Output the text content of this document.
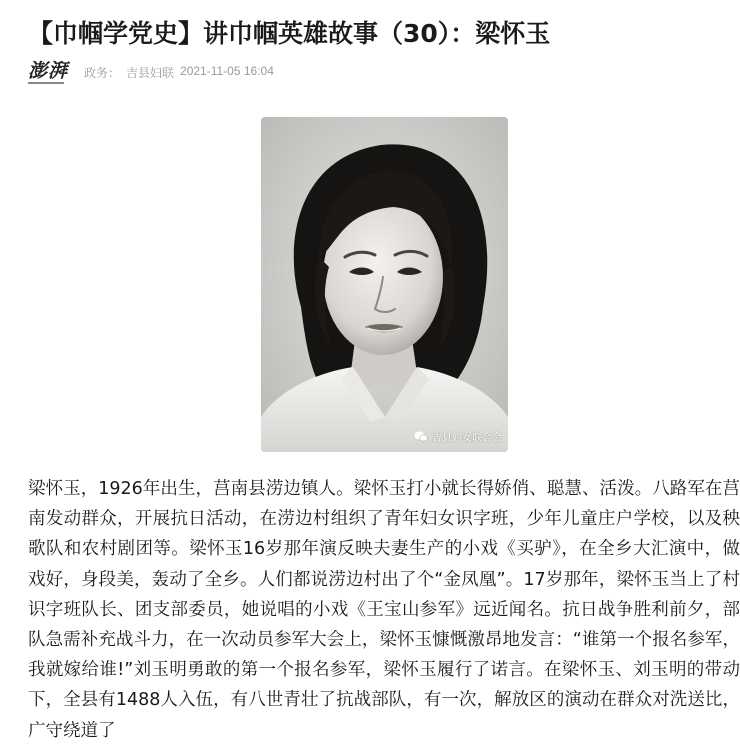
【巾帼学党史】讲巾帼英雄故事（30）：梁怀玉
澎湃 政务： 吉县妇联 2021-11-05 16:04
吉县妇女联合会

梁怀玉，1926年出生，莒南县涝边镇人。梁怀玉打小就长得娇俏、聪慧、活泼。八路军在莒南发动群众，开展抗日活动，在涝边村组织了青年妇女识字班，少年儿童庄户学校，以及秧歌队和农村剧团等。梁怀玉16岁那年演反映夫妻生产的小戏《买驴》，在全乡大汇演中，做戏好，身段美，轰动了全乡。人们都说涝边村出了个“金凤凰”。17岁那年，梁怀玉当上了村识字班队长、团支部委员，她说唱的小戏《王宝山参军》远近闻名。抗日战争胜利前夕，部队急需补充战斗力，在一次动员参军大会上，梁怀玉慷慨激昂地发言：“谁第一个报名参军，我就嫁给谁!”刘玉明勇敢的第一个报名参军，梁怀玉履行了诺言。在梁怀玉、刘玉明的带动下，全县有1488人入伍，有八世青壮了抗战部队，有一次，解放区的演动在群众对洗送比，广守绕道了
